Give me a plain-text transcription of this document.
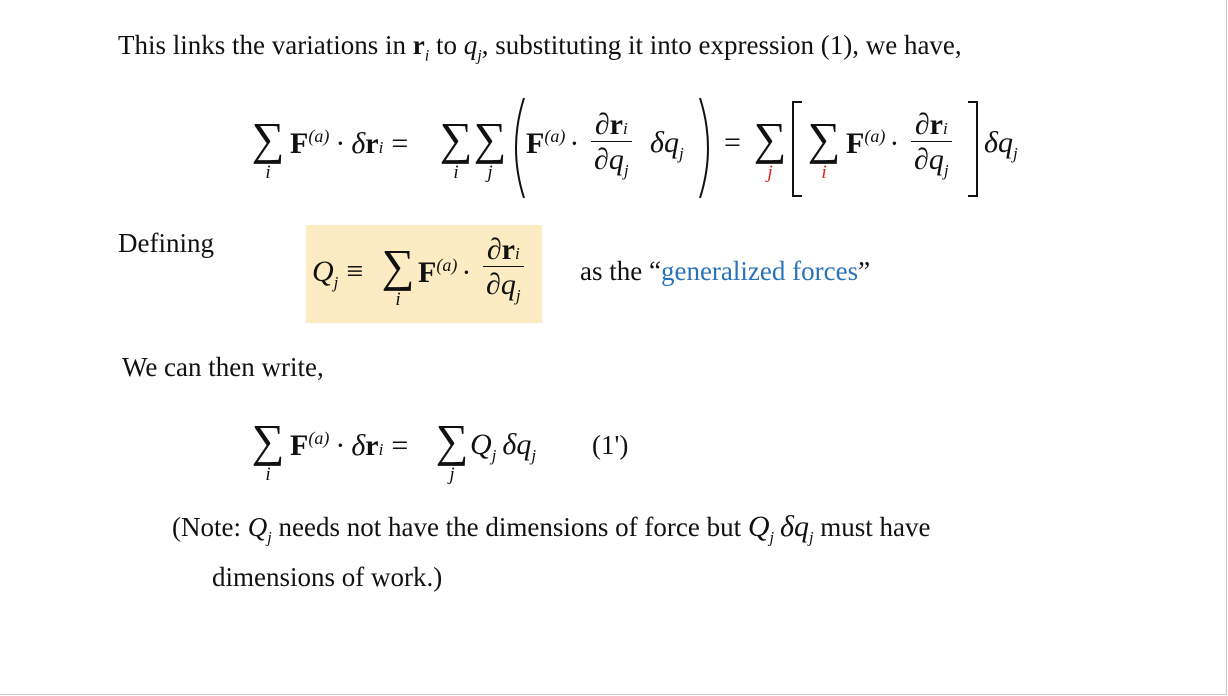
This links the variations in $r_i$ to $q_j$, substituting it into expression (1), we have,
∑
i
$F^{(a)} \cdot \delta ri$ = ∑
i
∑
j
$F^{(a)} \cdot \frac{\partial ri}{\partial q_j} \delta q_j$ = ∑
j
∑
i
$F^{(a)} \cdot \frac{\partial ri}{\partial q_j} \delta q_j$
Defining
$Q_j$ ≡ ∑
i
$F^{(a)} \cdot \frac{\partial ri}{\partial q_j}$ as the “generalized forces”
We can then write,
∑
i
$F^{(a)} \cdot \delta ri$ = ∑
j
$Q_j$ $\delta q_j$ (1')
(Note: $Q_j$ needs not have the dimensions of force but $Q_j$ $\delta q_j$ must have
dimensions of work.)
